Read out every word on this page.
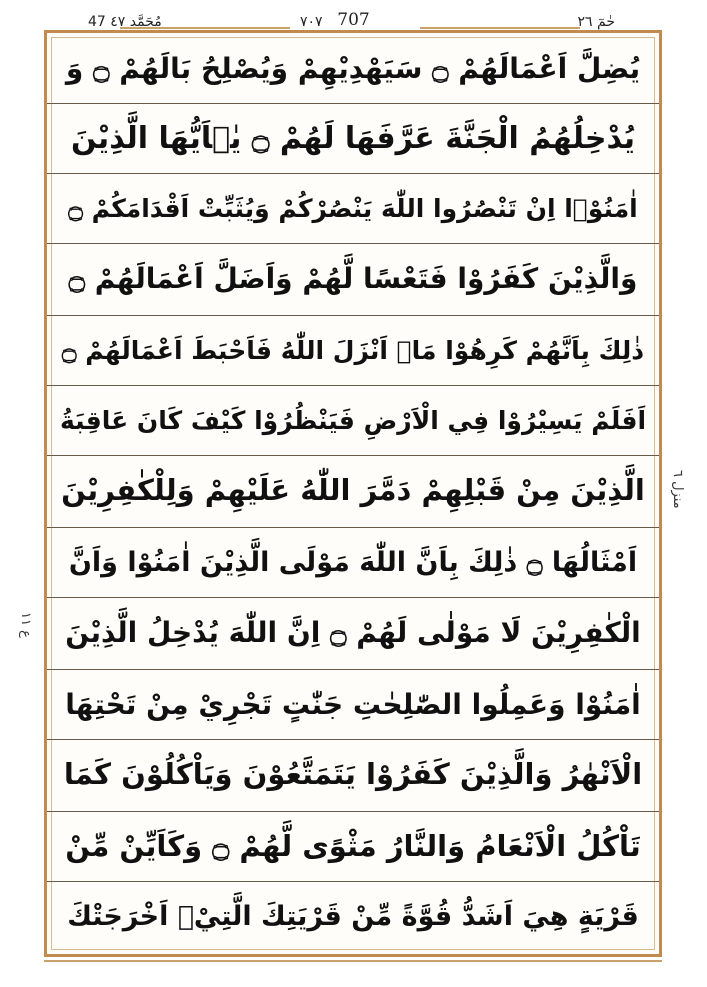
47 مُحَمَّد ٤٧	٧٠٧ 707	حٰمٓ ٢٦
يُضِلَّ اَعْمَالَهُمْ ۝ سَيَهْدِيْهِمْ وَيُصْلِحُ بَالَهُمْ ۝ وَ
يُدْخِلُهُمُ الْجَنَّةَ عَرَّفَهَا لَهُمْ ۝ يٰۤاَيُّهَا الَّذِيْنَ
اٰمَنُوْۤا اِنْ تَنْصُرُوا اللّٰهَ يَنْصُرْكُمْ وَيُثَبِّتْ اَقْدَامَكُمْ ۝
وَالَّذِيْنَ كَفَرُوْا فَتَعْسًا لَّهُمْ وَاَضَلَّ اَعْمَالَهُمْ ۝
ذٰلِكَ بِاَنَّهُمْ كَرِهُوْا مَاۤ اَنْزَلَ اللّٰهُ فَاَحْبَطَ اَعْمَالَهُمْ ۝
اَفَلَمْ يَسِيْرُوْا فِي الْاَرْضِ فَيَنْظُرُوْا كَيْفَ كَانَ عَاقِبَةُ
الَّذِيْنَ مِنْ قَبْلِهِمْ دَمَّرَ اللّٰهُ عَلَيْهِمْ وَلِلْكٰفِرِيْنَ
اَمْثَالُهَا ۝ ذٰلِكَ بِاَنَّ اللّٰهَ مَوْلَى الَّذِيْنَ اٰمَنُوْا وَاَنَّ
الْكٰفِرِيْنَ لَا مَوْلٰى لَهُمْ ۝ اِنَّ اللّٰهَ يُدْخِلُ الَّذِيْنَ
اٰمَنُوْا وَعَمِلُوا الصّٰلِحٰتِ جَنّٰتٍ تَجْرِيْ مِنْ تَحْتِهَا
الْاَنْهٰرُ وَالَّذِيْنَ كَفَرُوْا يَتَمَتَّعُوْنَ وَيَاْكُلُوْنَ كَمَا
تَاْكُلُ الْاَنْعَامُ وَالنَّارُ مَثْوًى لَّهُمْ ۝ وَكَاَيِّنْ مِّنْ
قَرْيَةٍ هِيَ اَشَدُّ قُوَّةً مِّنْ قَرْيَتِكَ الَّتِيْۤ اَخْرَجَتْكَ
منزل ٦
ع ١١
